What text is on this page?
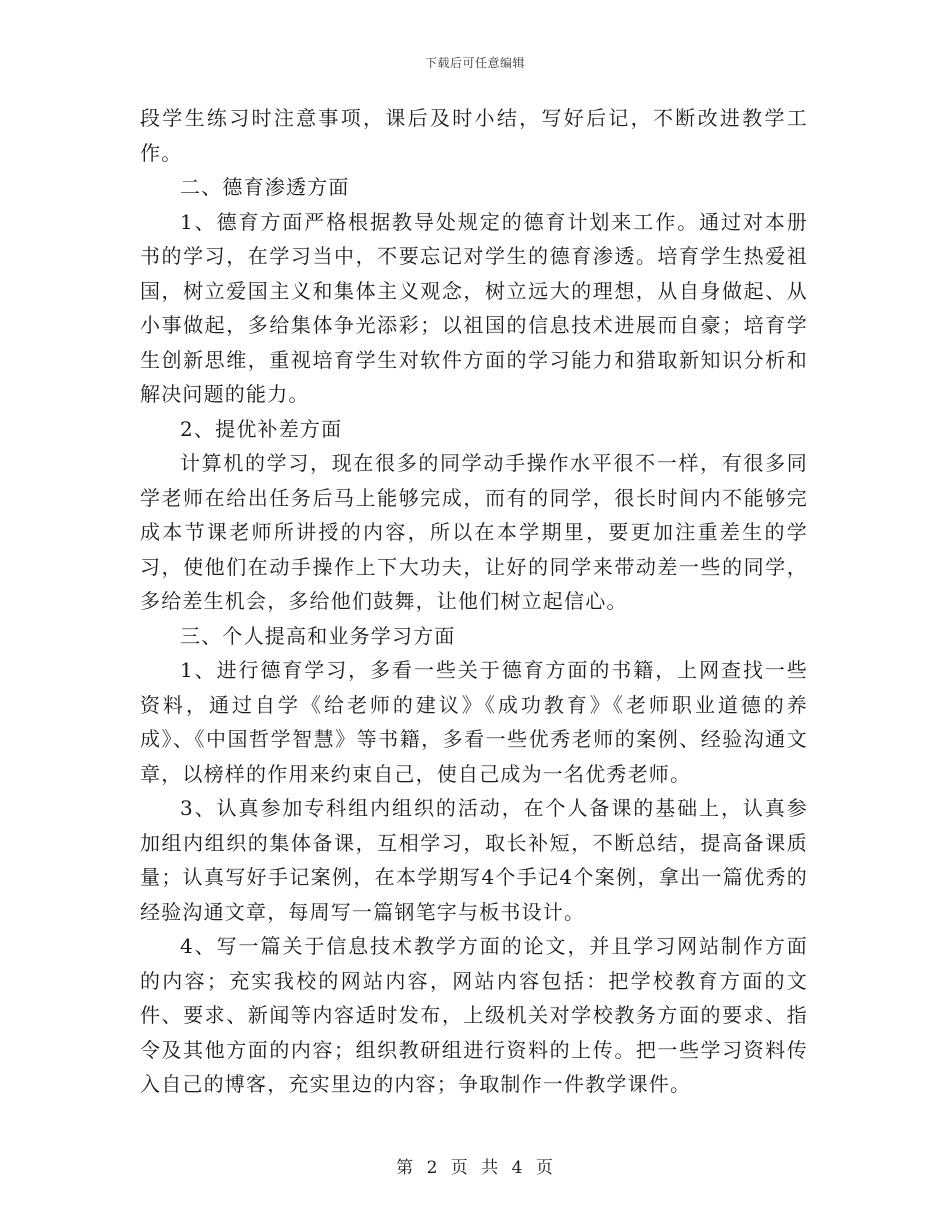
下载后可任意编辑

段学生练习时注意事项，课后及时小结，写好后记，不断改进教学工作。

二、德育渗透方面

1、德育方面严格根据教导处规定的德育计划来工作。通过对本册书的学习，在学习当中，不要忘记对学生的德育渗透。培育学生热爱祖国，树立爱国主义和集体主义观念，树立远大的理想，从自身做起、从小事做起，多给集体争光添彩；以祖国的信息技术进展而自豪；培育学生创新思维，重视培育学生对软件方面的学习能力和猎取新知识分析和解决问题的能力。

2、提优补差方面

计算机的学习，现在很多的同学动手操作水平很不一样，有很多同学老师在给出任务后马上能够完成，而有的同学，很长时间内不能够完成本节课老师所讲授的内容，所以在本学期里，要更加注重差生的学习，使他们在动手操作上下大功夫，让好的同学来带动差一些的同学，多给差生机会，多给他们鼓舞，让他们树立起信心。

三、个人提高和业务学习方面

1、进行德育学习，多看一些关于德育方面的书籍，上网查找一些资料，通过自学《给老师的建议》《成功教育》《老师职业道德的养成》、《中国哲学智慧》等书籍，多看一些优秀老师的案例、经验沟通文章，以榜样的作用来约束自己，使自己成为一名优秀老师。

3、认真参加专科组内组织的活动，在个人备课的基础上，认真参加组内组织的集体备课，互相学习，取长补短，不断总结，提高备课质量；认真写好手记案例，在本学期写4个手记4个案例，拿出一篇优秀的经验沟通文章，每周写一篇钢笔字与板书设计。

4、写一篇关于信息技术教学方面的论文，并且学习网站制作方面的内容；充实我校的网站内容，网站内容包括：把学校教育方面的文件、要求、新闻等内容适时发布，上级机关对学校教务方面的要求、指令及其他方面的内容；组织教研组进行资料的上传。把一些学习资料传入自己的博客，充实里边的内容；争取制作一件教学课件。

第 2 页 共 4 页
